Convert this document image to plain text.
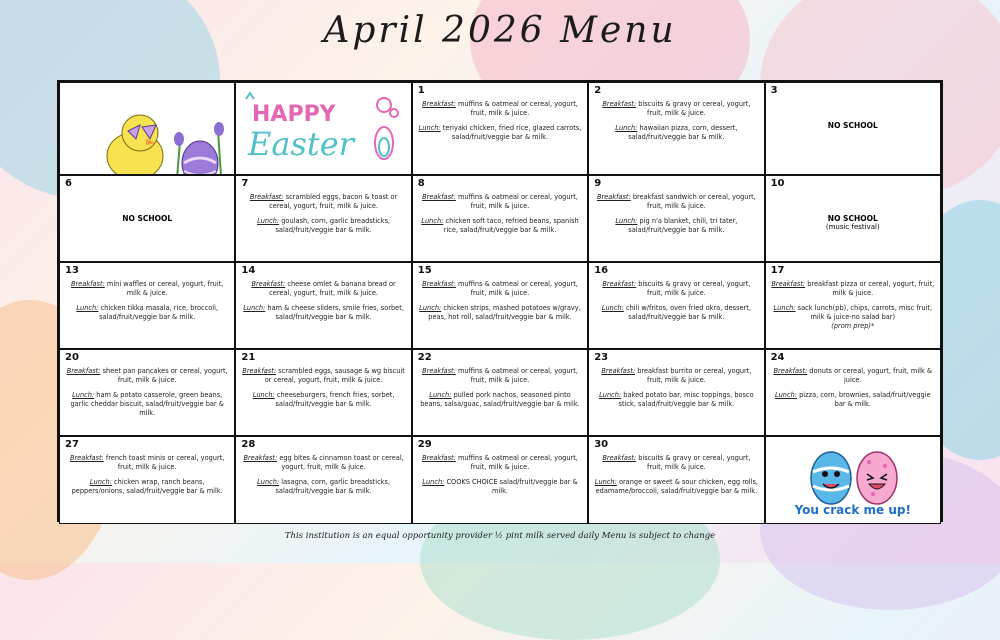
April 2026 Menu
HAPPY
Easter
1

Breakfast: muffins & oatmeal or cereal, yogurt, fruit, milk & juice.

Lunch: teriyaki chicken, fried rice, glazed carrots, salad/fruit/veggie bar & milk.

2

Breakfast: biscuits & gravy or cereal, yogurt, fruit, milk & juice.

Lunch: hawaiian pizza, corn, dessert, salad/fruit/veggie bar & milk.

3
NO SCHOOL
6
NO SCHOOL
7

Breakfast: scrambled eggs, bacon & toast or cereal, yogurt, fruit, milk & juice.

Lunch: goulash, corn, garlic breadsticks, salad/fruit/veggie bar & milk.

8

Breakfast: muffins & oatmeal or cereal, yogurt, fruit, milk & juice.

Lunch: chicken soft taco, refried beans, spanish rice, salad/fruit/veggie bar & milk.

9

Breakfast: breakfast sandwich or cereal, yogurt, fruit, milk & juice.

Lunch: pig n'a blanket, chili, tri tater, salad/fruit/veggie bar & milk.

10
NO SCHOOL
(music festival)
13

Breakfast: mini waffles or cereal, yogurt, fruit, milk & juice.

Lunch: chicken tikka masala, rice, broccoli, salad/fruit/veggie bar & milk.

14

Breakfast: cheese omlet & banana bread or cereal, yogurt, fruit, milk & juice.

Lunch: ham & cheese sliders, smile fries, sorbet, salad/fruit/veggie bar & milk.

15

Breakfast: muffins & oatmeal or cereal, yogurt, fruit, milk & juice.

Lunch: chicken strips, mashed potatoes w/gravy, peas, hot roll, salad/fruit/veggie bar & milk.

16

Breakfast: biscuits & gravy or cereal, yogurt, fruit, milk & juice.

Lunch: chili w/fritos, oven fried okra, dessert, salad/fruit/veggie bar & milk.

17

Breakfast: breakfast pizza or cereal, yogurt, fruit, milk & juice.

Lunch: sack lunch(pb), chips, carrots, misc fruit, milk & juice-no salad bar)

(prom prep)*

20

Breakfast: sheet pan pancakes or cereal, yogurt, fruit, milk & juice.

Lunch: ham & potato casserole, green beans, garlic cheddar biscuit, salad/fruit/veggie bar & milk.

21

Breakfast: scrambled eggs, sausage & wg biscuit or cereal, yogurt, fruit, milk & juice.

Lunch: cheeseburgers, french fries, sorbet, salad/fruit/veggie bar & milk.

22

Breakfast: muffins & oatmeal or cereal, yogurt, fruit, milk & juice.

Lunch: pulled pork nachos, seasoned pinto beans, salsa/guac, salad/fruit/veggie bar & milk.

23

Breakfast: breakfast burrito or cereal, yogurt, fruit, milk & juice.

Lunch: baked potato bar, misc toppings, bosco stick, salad/fruit/veggie bar & milk.

24

Breakfast: donuts or cereal, yogurt, fruit, milk & juice.

Lunch: pizza, corn, brownies, salad/fruit/veggie bar & milk.

27

Breakfast: french toast minis or cereal, yogurt, fruit, milk & juice.

Lunch: chicken wrap, ranch beans, peppers/onions, salad/fruit/veggie bar & milk.

28

Breakfast: egg bites & cinnamon toast or cereal, yogurt, fruit, milk & juice.

Lunch: lasagna, corn, garlic breadsticks, salad/fruit/veggie bar & milk.

29

Breakfast: muffins & oatmeal or cereal, yogurt, fruit, milk & juice.

Lunch: COOKS CHOICE salad/fruit/veggie bar & milk.

30

Breakfast: biscuits & gravy or cereal, yogurt, fruit, milk & juice.

Lunch: orange or sweet & sour chicken, egg rolls, edamame/broccoli, salad/fruit/veggie bar & milk.

You crack me up!
This institution is an equal opportunity provider ½ pint milk served daily Menu is subject to change
